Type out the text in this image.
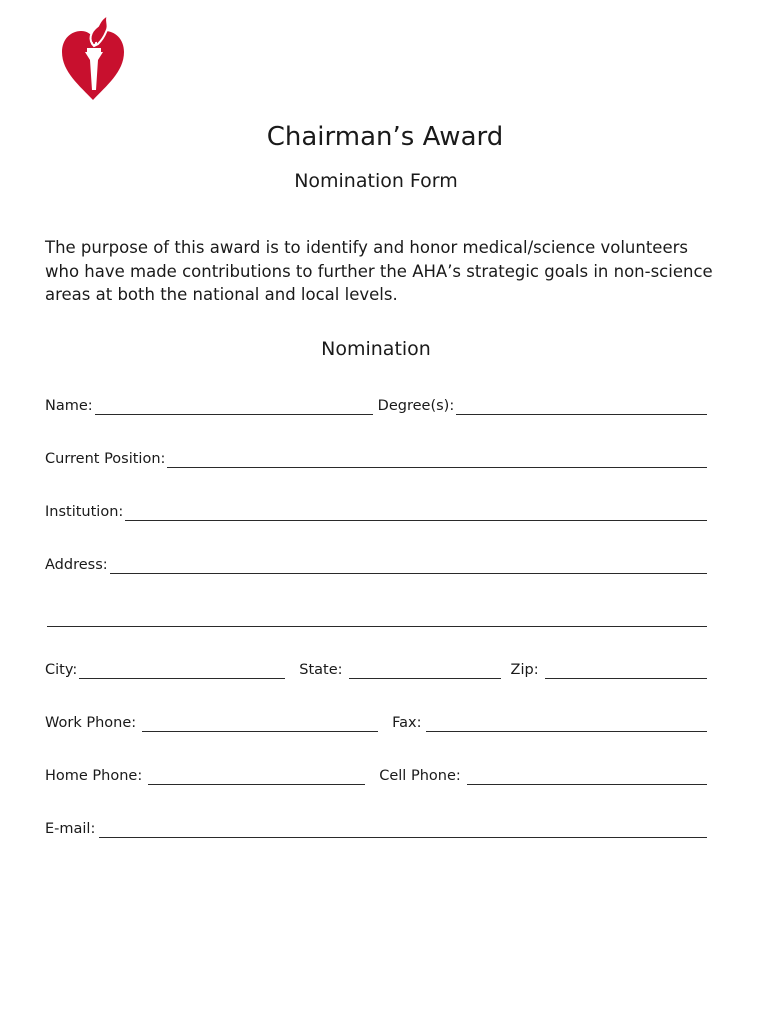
Chairman’s Award
Nomination Form
The purpose of this award is to identify and honor medical/science volunteers who have made contributions to further the AHA’s strategic goals in non-science areas at both the national and local levels.
Nomination
Name:	Degree(s):
Current Position:
Institution:
Address:
City:	State:	Zip:
Work Phone:	Fax:
Home Phone:	Cell Phone:
E-mail:
